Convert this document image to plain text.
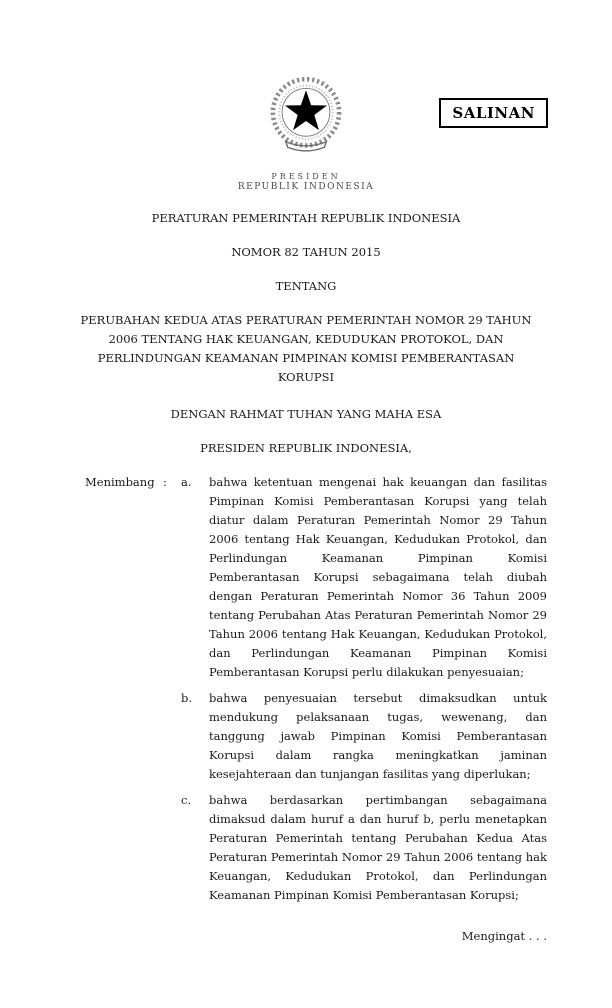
SALINAN
PRESIDEN
REPUBLIK INDONESIA

PERATURAN PEMERINTAH REPUBLIK INDONESIA

NOMOR 82 TAHUN 2015

TENTANG

PERUBAHAN KEDUA ATAS PERATURAN PEMERINTAH NOMOR 29 TAHUN 2006 TENTANG HAK KEUANGAN, KEDUDUKAN PROTOKOL, DAN PERLINDUNGAN KEAMANAN PIMPINAN KOMISI PEMBERANTASAN KORUPSI

DENGAN RAHMAT TUHAN YANG MAHA ESA

PRESIDEN REPUBLIK INDONESIA,

Menimbang :	a.	bahwa ketentuan mengenai hak keuangan dan fasilitas Pimpinan Komisi Pemberantasan Korupsi yang telah diatur dalam Peraturan Pemerintah Nomor 29 Tahun 2006 tentang Hak Keuangan, Kedudukan Protokol, dan Perlindungan Keamanan Pimpinan Komisi Pemberantasan Korupsi sebagaimana telah diubah dengan Peraturan Pemerintah Nomor 36 Tahun 2009 tentang Perubahan Atas Peraturan Pemerintah Nomor 29 Tahun 2006 tentang Hak Keuangan, Kedudukan Protokol, dan Perlindungan Keamanan Pimpinan Komisi Pemberantasan Korupsi perlu dilakukan penyesuaian;
b.	bahwa penyesuaian tersebut dimaksudkan untuk mendukung pelaksanaan tugas, wewenang, dan tanggung jawab Pimpinan Komisi Pemberantasan Korupsi dalam rangka meningkatkan jaminan kesejahteraan dan tunjangan fasilitas yang diperlukan;
c.	bahwa berdasarkan pertimbangan sebagaimana dimaksud dalam huruf a dan huruf b, perlu menetapkan Peraturan Pemerintah tentang Perubahan Kedua Atas Peraturan Pemerintah Nomor 29 Tahun 2006 tentang hak Keuangan, Kedudukan Protokol, dan Perlindungan Keamanan Pimpinan Komisi Pemberantasan Korupsi;
Mengingat . . .
